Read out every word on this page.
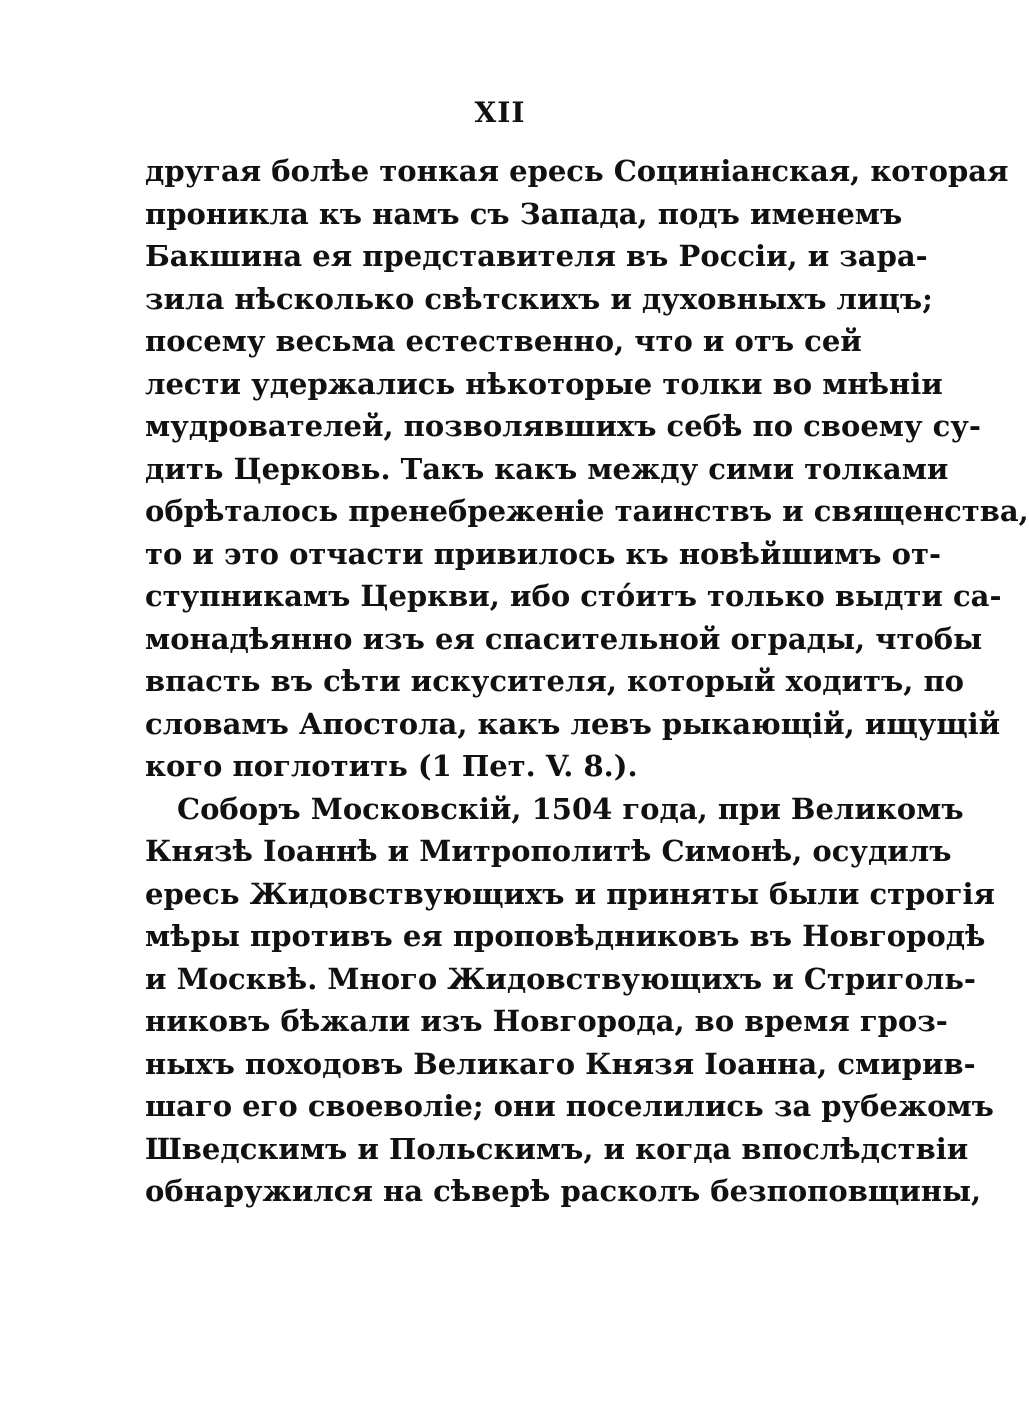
XII
другая болѣе тонкая ересь Социніанская, которая
проникла къ намъ съ Запада, подъ именемъ
Бакшина ея представителя въ Россіи, и зара-
зила нѣсколько свѣтскихъ и духовныхъ лицъ;
посему весьма естественно, что и отъ сей
лести удержались нѣкоторые толки во мнѣніи
мудрователей, позволявшихъ себѣ по своему су-
дить Церковь. Такъ какъ между сими толками
обрѣталось пренебреженіе таинствъ и священства,
то и это отчасти привилось къ новѣйшимъ от-
ступникамъ Церкви, ибо стóитъ только выдти са-
монадѣянно изъ ея спасительной ограды, чтобы
впасть въ сѣти искусителя, который ходитъ, по
словамъ Апостола, какъ левъ рыкающій, ищущій
кого поглотить (1 Пет. V. 8.).
Соборъ Московскій, 1504 года, при Великомъ
Князѣ Іоаннѣ и Митрополитѣ Симонѣ, осудилъ
ересь Жидовствующихъ и приняты были строгія
мѣры противъ ея проповѣдниковъ въ Новгородѣ
и Москвѣ. Много Жидовствующихъ и Стриголь-
никовъ бѣжали изъ Новгорода, во время гроз-
ныхъ походовъ Великаго Князя Іоанна, смирив-
шаго его своеволіе; они поселились за рубежомъ
Шведскимъ и Польскимъ, и когда впослѣдствіи
обнаружился на сѣверѣ расколъ безпоповщины,
